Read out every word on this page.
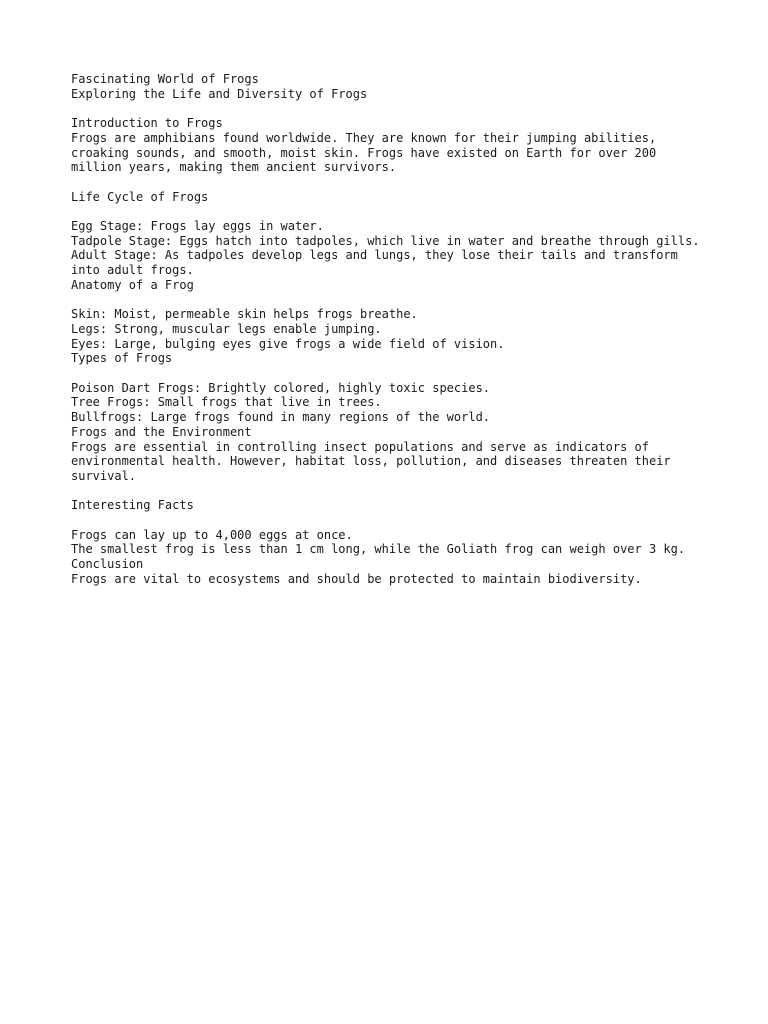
Fascinating World of Frogs
Exploring the Life and Diversity of Frogs
Introduction to Frogs
Frogs are amphibians found worldwide. They are known for their jumping abilities, croaking sounds, and smooth, moist skin. Frogs have existed on Earth for over 200 million years, making them ancient survivors.
Life Cycle of Frogs
Egg Stage: Frogs lay eggs in water.
Tadpole Stage: Eggs hatch into tadpoles, which live in water and breathe through gills.
Adult Stage: As tadpoles develop legs and lungs, they lose their tails and transform into adult frogs.
Anatomy of a Frog
Skin: Moist, permeable skin helps frogs breathe.
Legs: Strong, muscular legs enable jumping.
Eyes: Large, bulging eyes give frogs a wide field of vision.
Types of Frogs
Poison Dart Frogs: Brightly colored, highly toxic species.
Tree Frogs: Small frogs that live in trees.
Bullfrogs: Large frogs found in many regions of the world.
Frogs and the Environment
Frogs are essential in controlling insect populations and serve as indicators of environmental health. However, habitat loss, pollution, and diseases threaten their survival.
Interesting Facts
Frogs can lay up to 4,000 eggs at once.
The smallest frog is less than 1 cm long, while the Goliath frog can weigh over 3 kg.
Conclusion
Frogs are vital to ecosystems and should be protected to maintain biodiversity.
